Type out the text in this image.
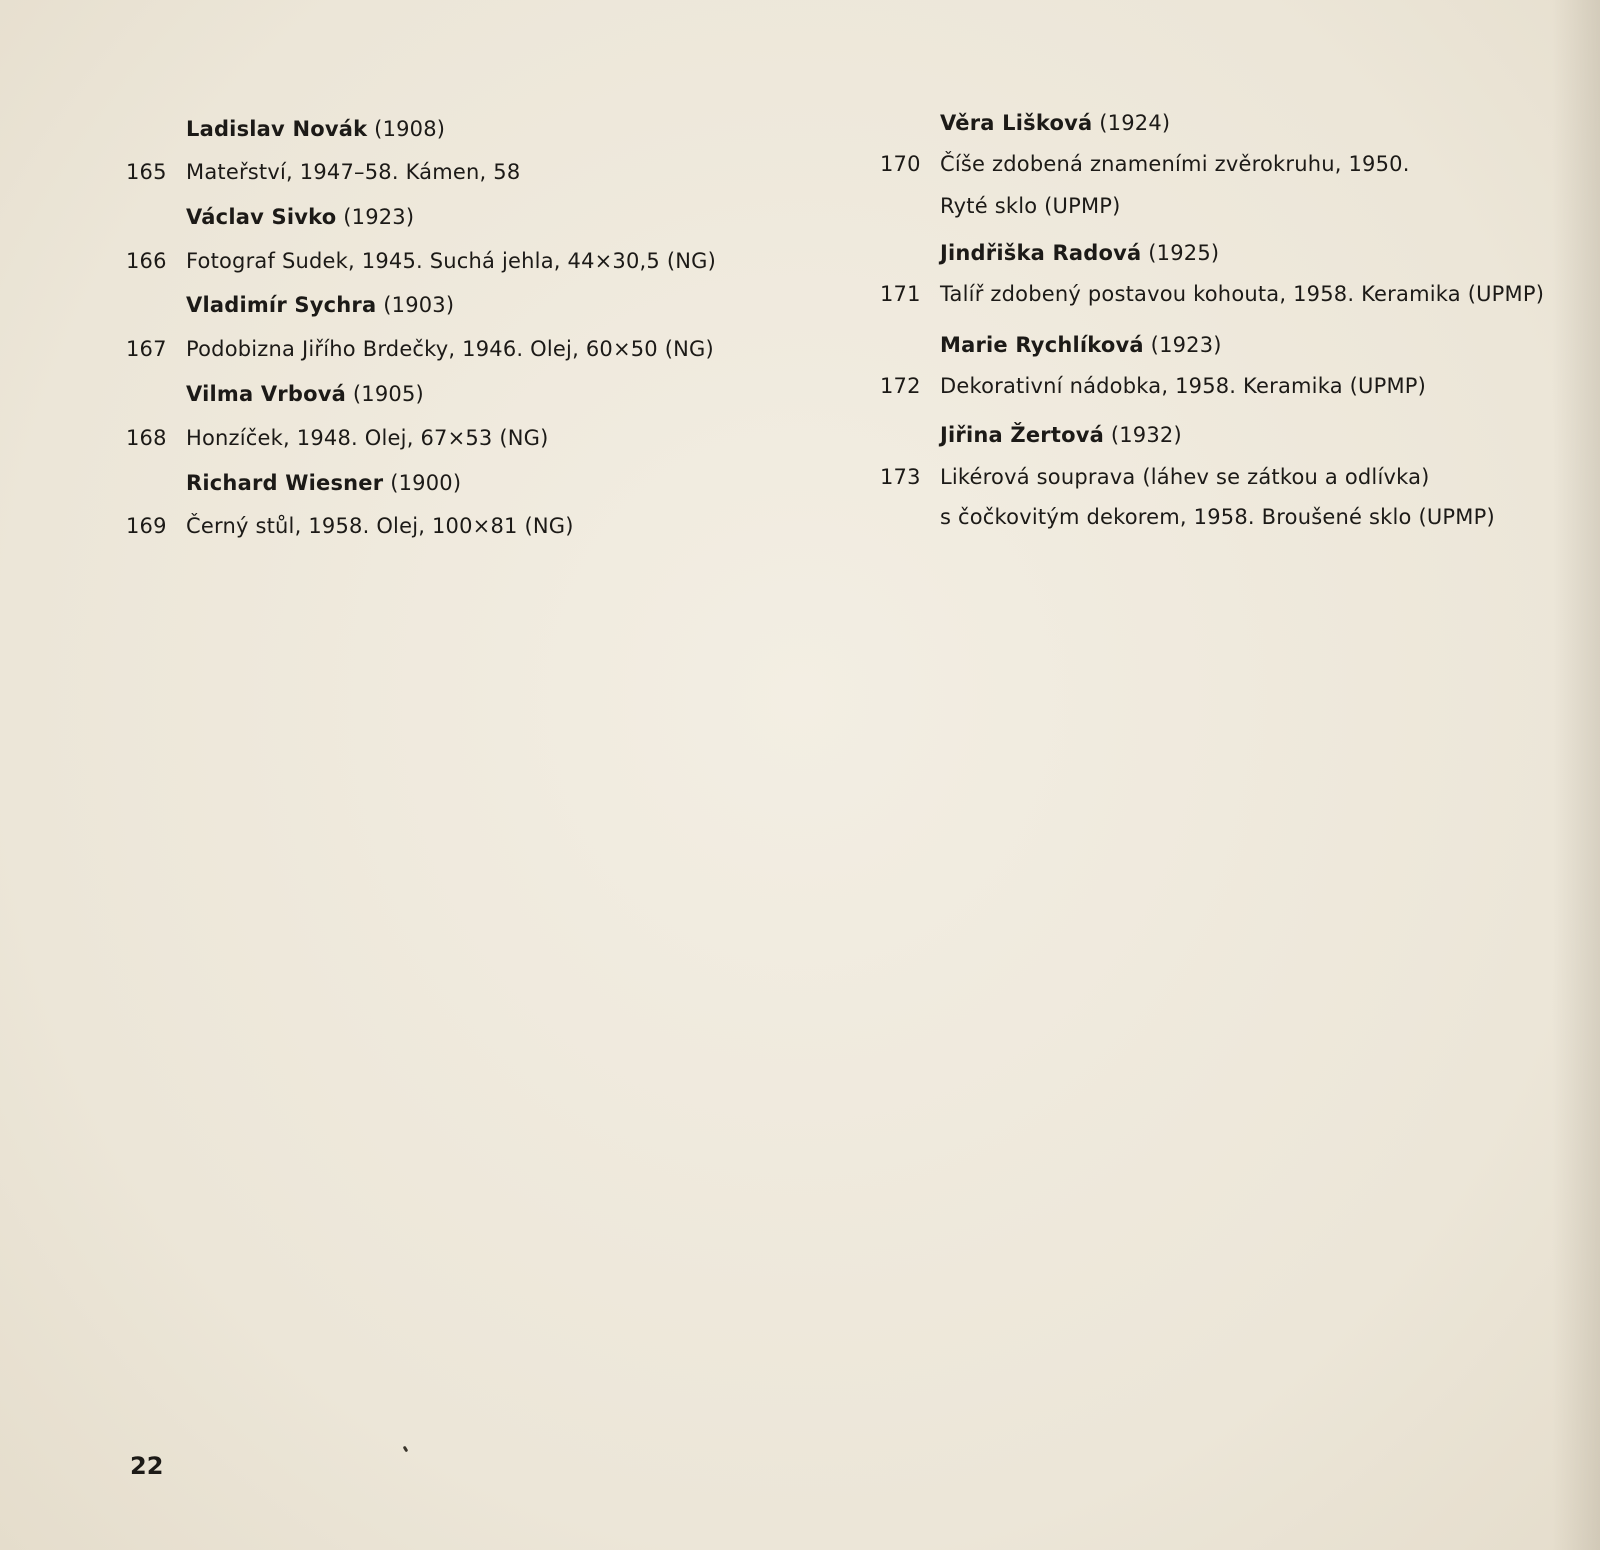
Ladislav Novák (1908)
165 Mateřství, 1947–58. Kámen, 58
Václav Sivko (1923)
166 Fotograf Sudek, 1945. Suchá jehla, 44×30,5 (NG)
Vladimír Sychra (1903)
167 Podobizna Jiřího Brdečky, 1946. Olej, 60×50 (NG)
Vilma Vrbová (1905)
168 Honzíček, 1948. Olej, 67×53 (NG)
Richard Wiesner (1900)
169 Černý stůl, 1958. Olej, 100×81 (NG)
Věra Lišková (1924)
170 Číše zdobená znameními zvěrokruhu, 1950.
Ryté sklo (UPMP)
Jindřiška Radová (1925)
171 Talíř zdobený postavou kohouta, 1958. Keramika (UPMP)
Marie Rychlíková (1923)
172 Dekorativní nádobka, 1958. Keramika (UPMP)
Jiřina Žertová (1932)
173 Likérová souprava (láhev se zátkou a odlívka)
s čočkovitým dekorem, 1958. Broušené sklo (UPMP)
22
